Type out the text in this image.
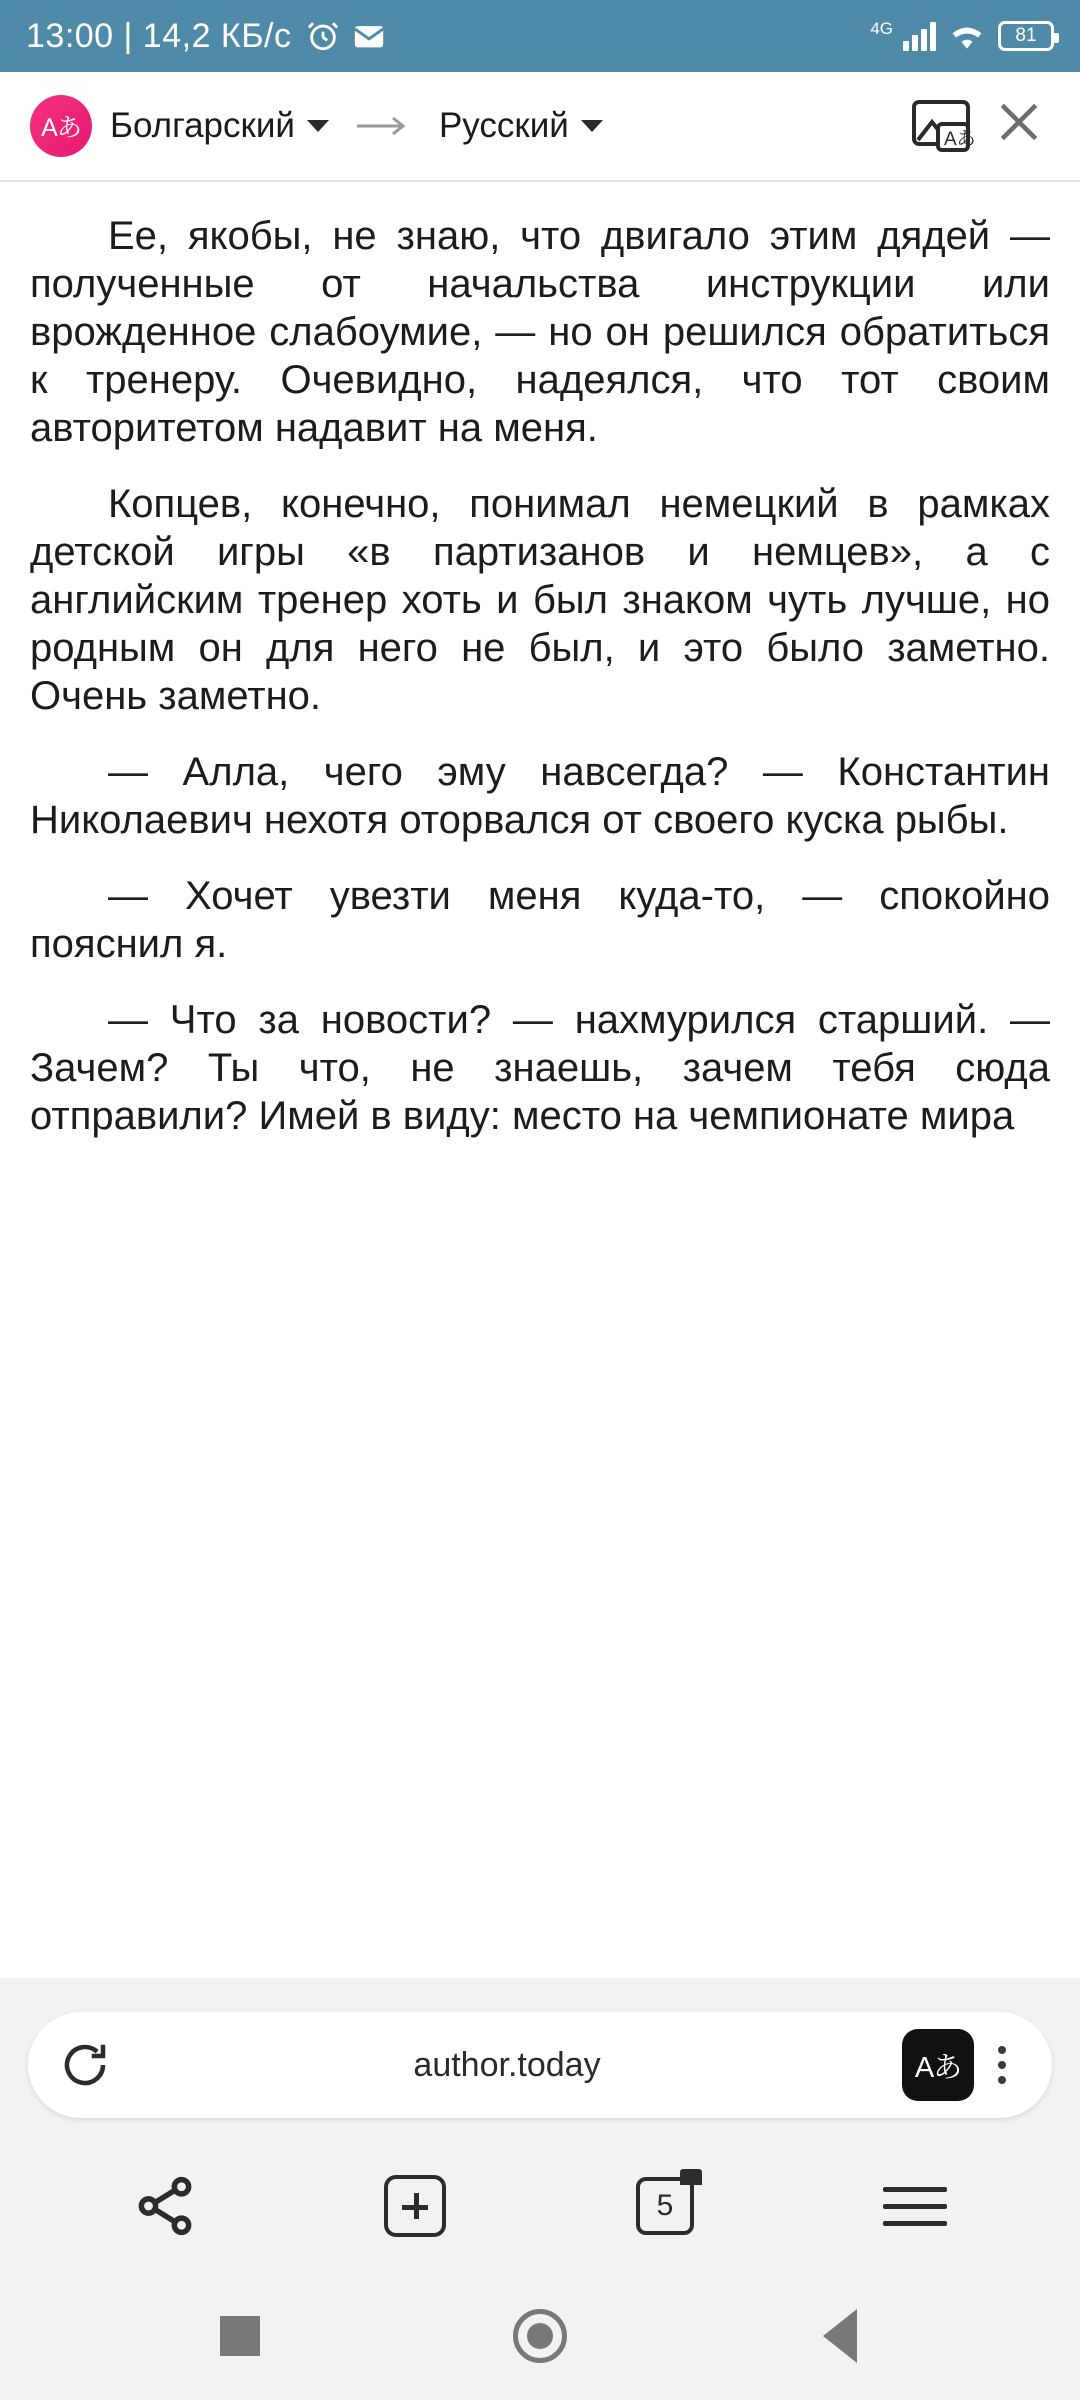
13:00 | 14,2 КБ/с	4G	81
Aあ Болгарский	Русский	Aあ

Ее, якобы, не знаю, что двигало этим дядей — полученные от начальства инструкции или врожденное слабоумие, — но он решился обратиться к тренеру. Очевидно, надеялся, что тот своим авторитетом надавит на меня.

Копцев, конечно, понимал немецкий в рамках детской игры «в партизанов и немцев», а с английским тренер хоть и был знаком чуть лучше, но родным он для него не был, и это было заметно. Очень заметно.

— Алла, чего эму навсегда? — Константин Николаевич нехотя оторвался от своего куска рыбы.

— Хочет увезти меня куда-то, — спокойно пояснил я.

— Что за новости? — нахмурился старший. — Зачем? Ты что, не знаешь, зачем тебя сюда отправили? Имей в виду: место на чемпионате мира

author.today	Aあ
5
